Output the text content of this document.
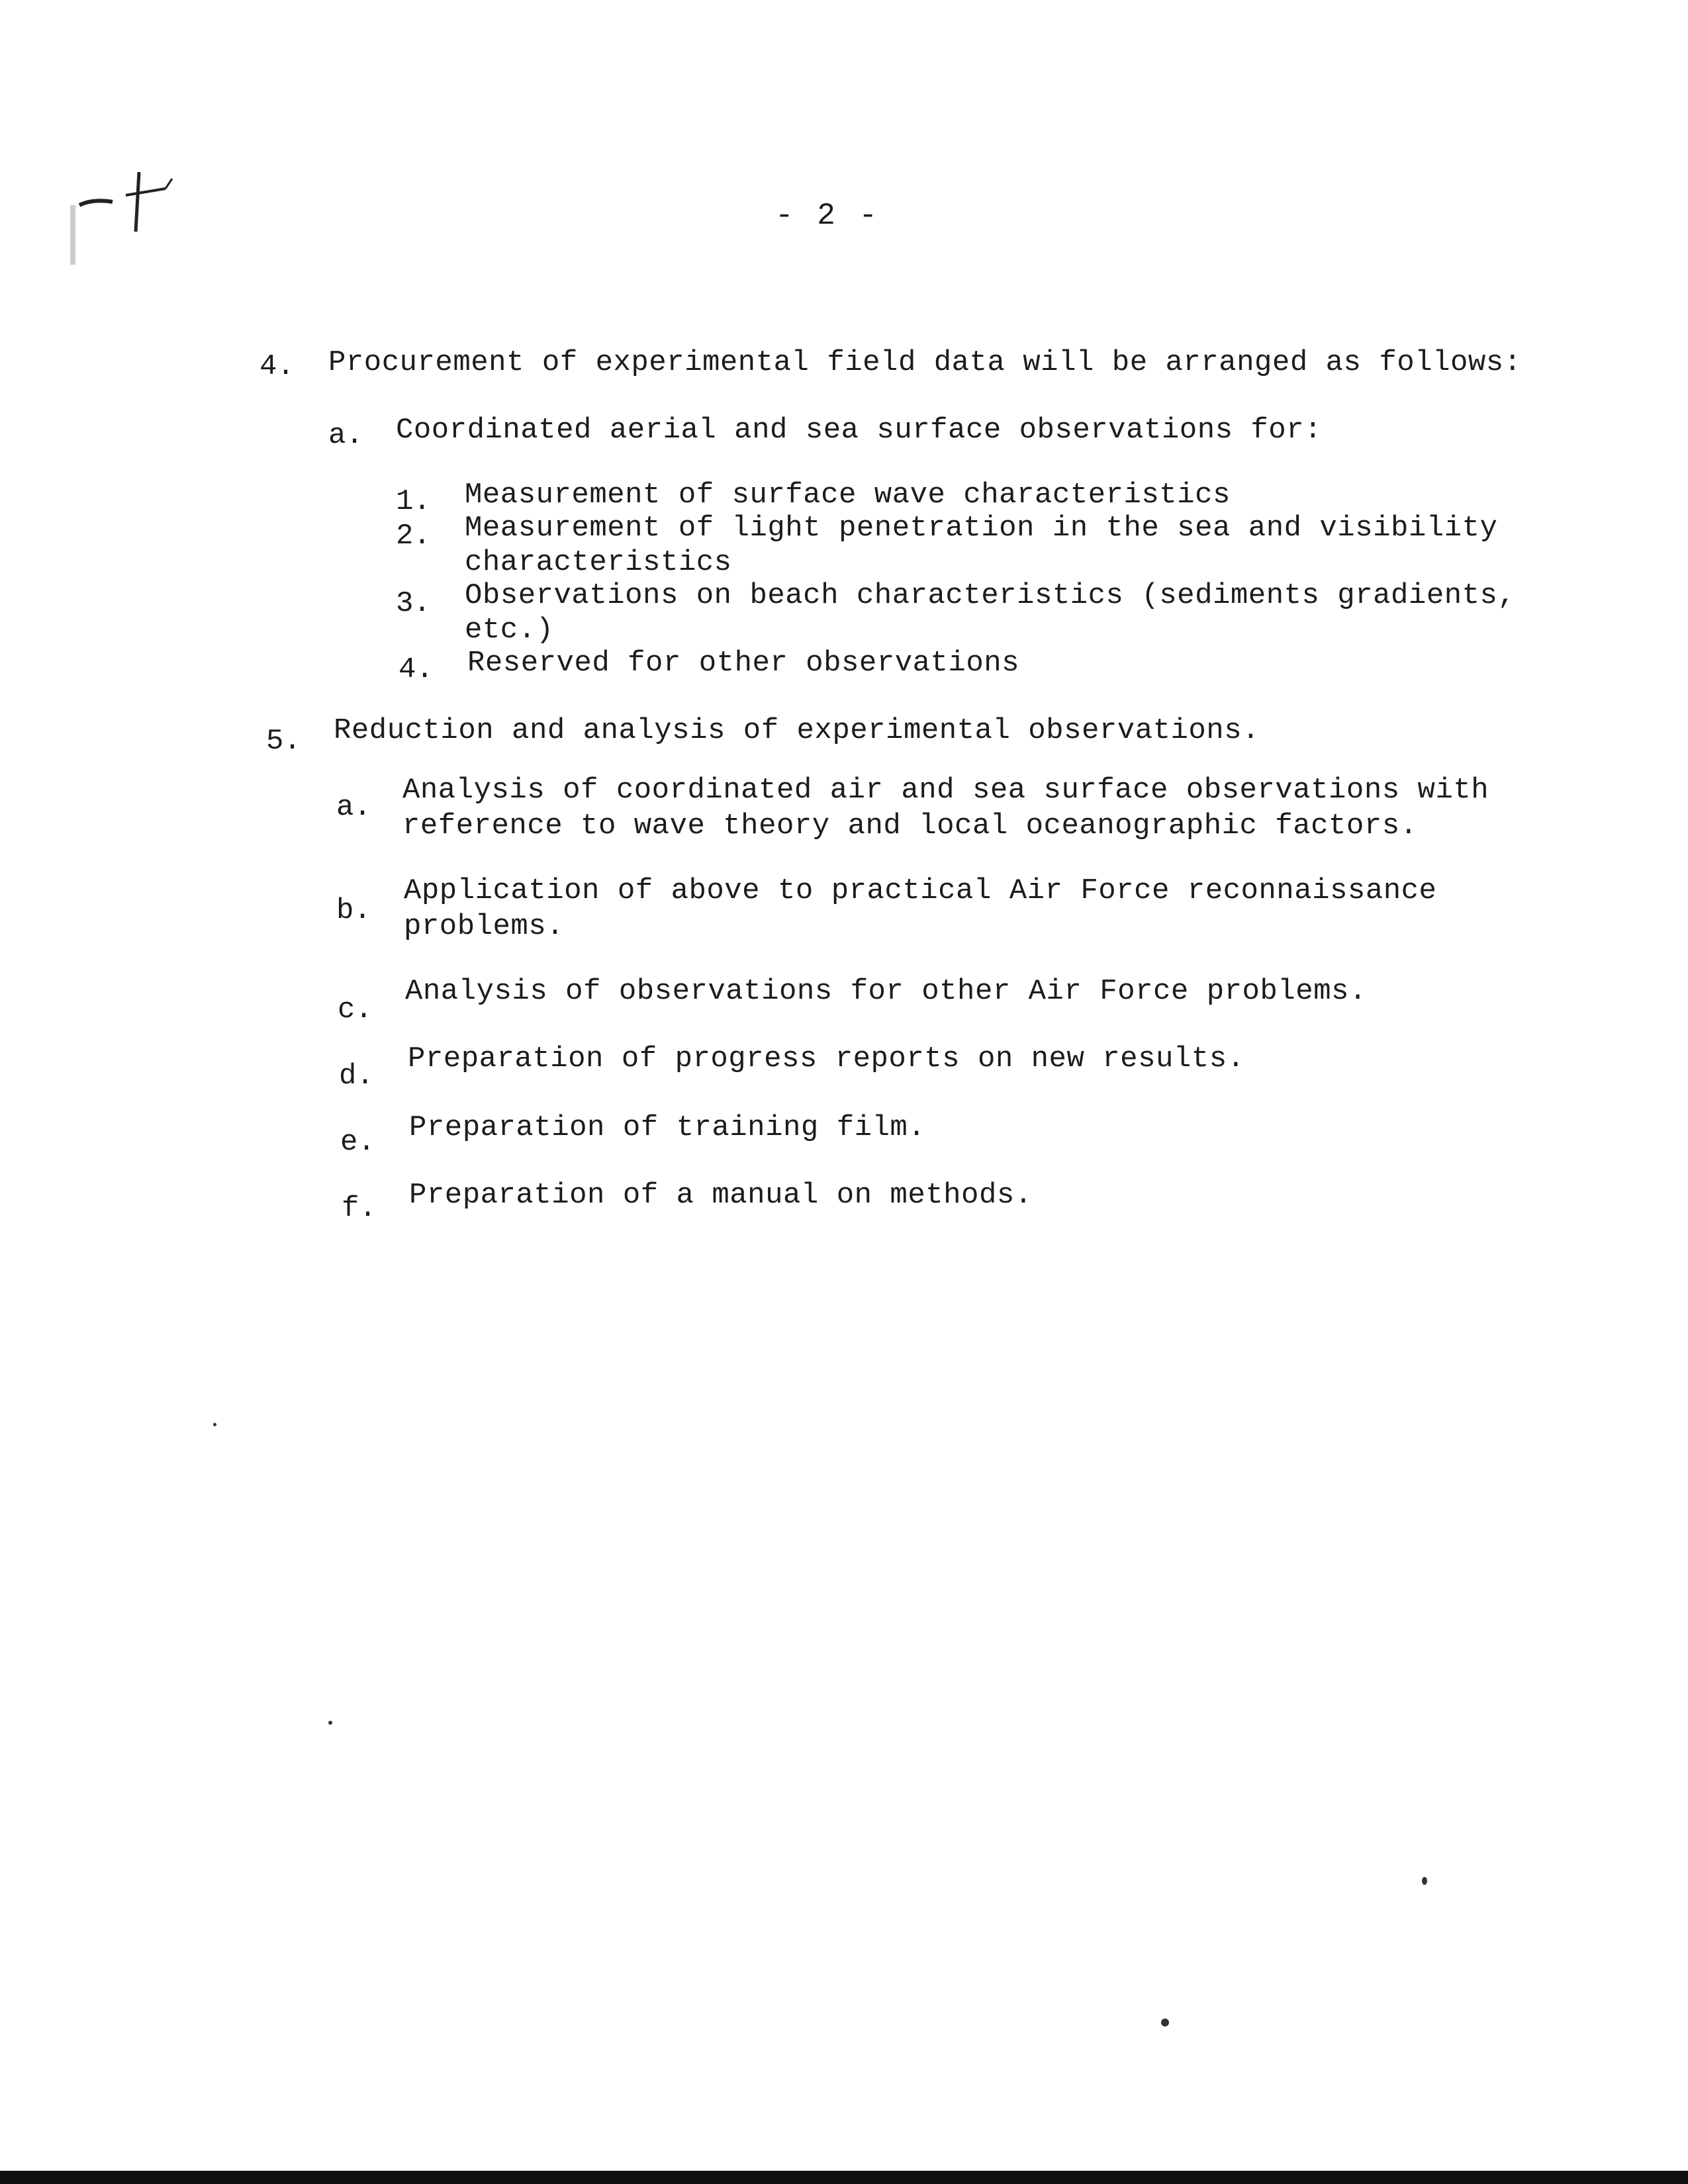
- 2 -
4. Procurement of experimental field data will be arranged as follows:
a. Coordinated aerial and sea surface observations for:
1. Measurement of surface wave characteristics
2. Measurement of light penetration in the sea and visibility
characteristics
3. Observations on beach characteristics (sediments gradients,
etc.)
4. Reserved for other observations
5. Reduction and analysis of experimental observations.
a.
Analysis of coordinated air and sea surface observations with
reference to wave theory and local oceanographic factors.
b.
Application of above to practical Air Force reconnaissance
problems.
c.
Analysis of observations for other Air Force problems.
d.
Preparation of progress reports on new results.
e. Preparation of training film.
f. Preparation of a manual on methods.
